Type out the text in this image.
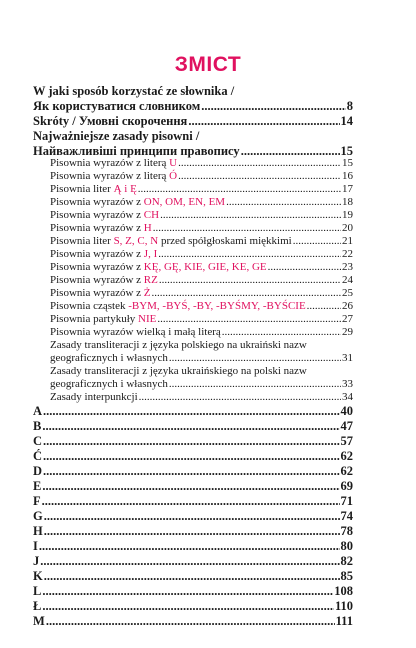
ЗМІСТ
W jaki sposób korzystać ze słownika /
Як користуватися словником .....	8
Skróty / Умовні скорочення .....	14
Najważniejsze zasady pisowni /
Найважливіші принципи правопису .....	15
Pisownia wyrazów z literą U .....	15
Pisownia wyrazów z literą Ó .....	16
Pisownia liter Ą i Ę .....	17
Pisownia wyrazów z ON, OM, EN, EM .....	18
Pisownia wyrazów z CH .....	19
Pisownia wyrazów z H .....	20
Pisownia liter S, Z, C, N przed spółgłoskami miękkimi .....	21
Pisownia wyrazów z J, I .....	22
Pisownia wyrazów z KĘ, GĘ, KIE, GIE, KE, GE .....	23
Pisownia wyrazów z RZ .....	24
Pisownia wyrazów z Ż .....	25
Pisownia cząstek -BYM, -BYŚ, -BY, -BYŚMY, -BYŚCIE .....	26
Pisownia partykuły NIE .....	27
Pisownia wyrazów wielką i małą literą .....	29
Zasady transliteracji z języka polskiego na ukraiński nazw
geograficznych i własnych .....	31
Zasady transliteracji z języka ukraińskiego na polski nazw
geograficznych i własnych .....	33
Zasady interpunkcji .....	34
A .....	40
B .....	47
C .....	57
Ć .....	62
D .....	62
E .....	69
F .....	71
G .....	74
H .....	78
I .....	80
J .....	82
K .....	85
L .....	108
Ł .....	110
M .....	111
